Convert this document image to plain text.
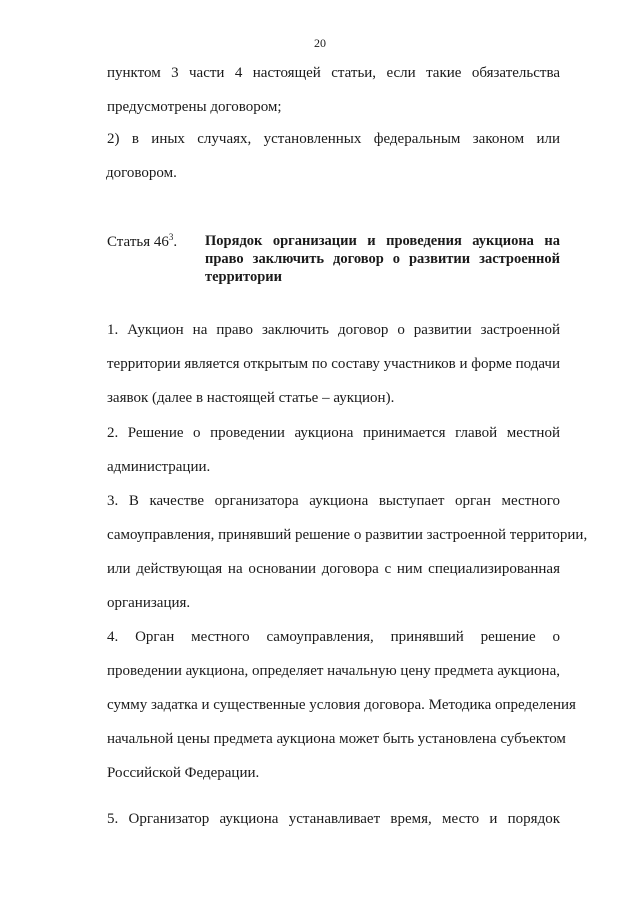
20
пунктом 3 части 4 настоящей статьи, если такие обязательства
предусмотрены договором;
2) в иных случаях, установленных федеральным законом или
договором.
Статья $46^3$. Порядок организации и проведения аукциона на
право заключить договор о развитии застроенной
территории
1. Аукцион на право заключить договор о развитии застроенной
территории является открытым по составу участников и форме подачи
заявок (далее в настоящей статье – аукцион).
2. Решение о проведении аукциона принимается главой местной
администрации.
3. В качестве организатора аукциона выступает орган местного
самоуправления, принявший решение о развитии застроенной территории,
или действующая на основании договора с ним специализированная
организация.
4. Орган местного самоуправления, принявший решение о
проведении аукциона, определяет начальную цену предмета аукциона,
сумму задатка и существенные условия договора. Методика определения
начальной цены предмета аукциона может быть установлена субъектом
Российской Федерации.
5. Организатор аукциона устанавливает время, место и порядок
